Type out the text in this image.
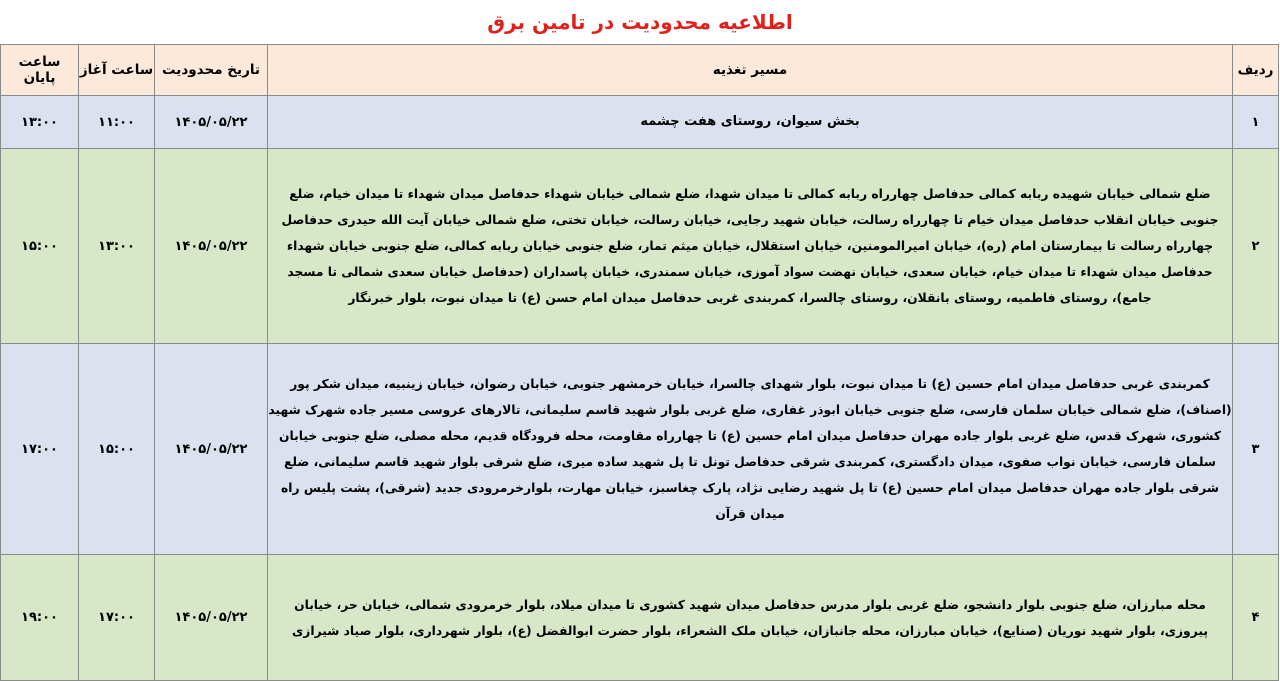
اطلاعیه محدودیت در تامین برق
ردیف	مسیر تغذیه	تاریخ محدودیت	ساعت آغاز	ساعت پایان
۱	بخش سیوان، روستای هفت چشمه	۱۴۰۵/۰۵/۲۲	۱۱:۰۰	۱۳:۰۰
۲	ضلع شمالی خیابان شهیده ربابه کمالی حدفاصل چهارراه ربابه کمالی تا میدان شهدا، ضلع شمالی خیابان شهداء حدفاصل میدان شهداء تا میدان خیام، ضلع جنوبی خیابان انقلاب حدفاصل میدان خیام تا چهارراه رسالت، خیابان شهید رجایی، خیابان رسالت، خیابان تختی، ضلع شمالی خیابان آیت الله حیدری حدفاصل چهارراه رسالت تا بیمارستان امام (ره)، خیابان امیرالمومنین، خیابان استقلال، خیابان میثم تمار، ضلع جنوبی خیابان ربابه کمالی، ضلع جنوبی خیابان شهداء حدفاصل میدان شهداء تا میدان خیام، خیابان سعدی، خیابان نهضت سواد آموزی، خیابان سمندری، خیابان پاسداران (حدفاصل خیابان سعدی شمالی تا مسجد جامع)، روستای فاطمیه، روستای بانقلان، روستای چالسرا، کمربندی غربی حدفاصل میدان امام حسن (ع) تا میدان نبوت، بلوار خبرنگار	۱۴۰۵/۰۵/۲۲	۱۳:۰۰	۱۵:۰۰
۳	کمربندی غربی حدفاصل میدان امام حسین (ع) تا میدان نبوت، بلوار شهدای چالسرا، خیابان خرمشهر جنوبی، خیابان رضوان، خیابان زینبیه، میدان شکر پور (اصناف)، ضلع شمالی خیابان سلمان فارسی، ضلع جنوبی خیابان ابوذر غفاری، ضلع غربی بلوار شهید قاسم سلیمانی، تالارهای عروسی مسیر جاده شهرک شهید کشوری، شهرک قدس، ضلع غربی بلوار جاده مهران حدفاصل میدان امام حسین (ع) تا چهارراه مقاومت، محله فرودگاه قدیم، محله مصلی، ضلع جنوبی خیابان سلمان فارسی، خیابان نواب صفوی، میدان دادگستری، کمربندی شرقی حدفاصل تونل تا پل شهید ساده میری، ضلع شرقی بلوار شهید قاسم سلیمانی، ضلع شرقی بلوار جاده مهران حدفاصل میدان امام حسین (ع) تا پل شهید رضایی نژاد، پارک چغاسبز، خیابان مهارت، بلوارخرمرودی جدید (شرقی)، پشت پلیس راه میدان قرآن	۱۴۰۵/۰۵/۲۲	۱۵:۰۰	۱۷:۰۰
۴	محله مبارزان، ضلع جنوبی بلوار دانشجو، ضلع غربی بلوار مدرس حدفاصل میدان شهید کشوری تا میدان میلاد، بلوار خرمرودی شمالی، خیابان حر، خیابان پیروزی، بلوار شهید نوریان (صنایع)، خیابان مبارزان، محله جانبازان، خیابان ملک الشعراء، بلوار حضرت ابوالفضل (ع)، بلوار شهرداری، بلوار صیاد شیرازی	۱۴۰۵/۰۵/۲۲	۱۷:۰۰	۱۹:۰۰
